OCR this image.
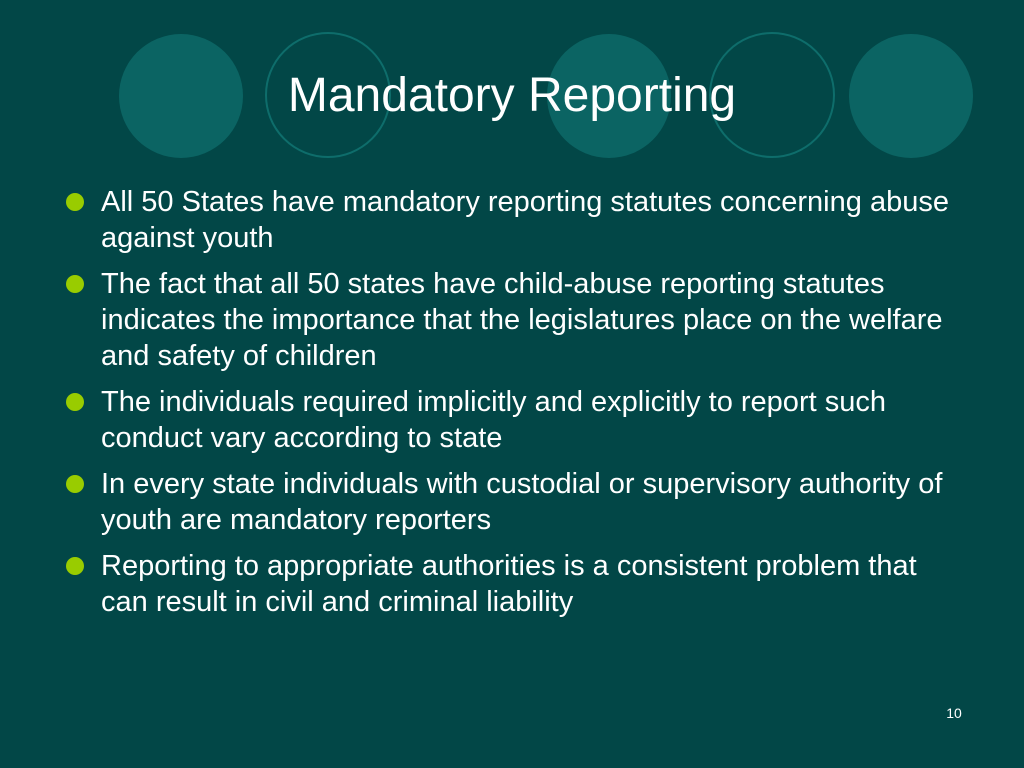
Mandatory Reporting
All 50 States have mandatory reporting statutes concerning abuse against youth
The fact that all 50 states have child-abuse reporting statutes indicates the importance that the legislatures place on the welfare and safety of children
The individuals required implicitly and explicitly to report such conduct vary according to state
In every state individuals with custodial or supervisory authority of youth are mandatory reporters
Reporting to appropriate authorities is a consistent problem that can result in civil and criminal liability
10
